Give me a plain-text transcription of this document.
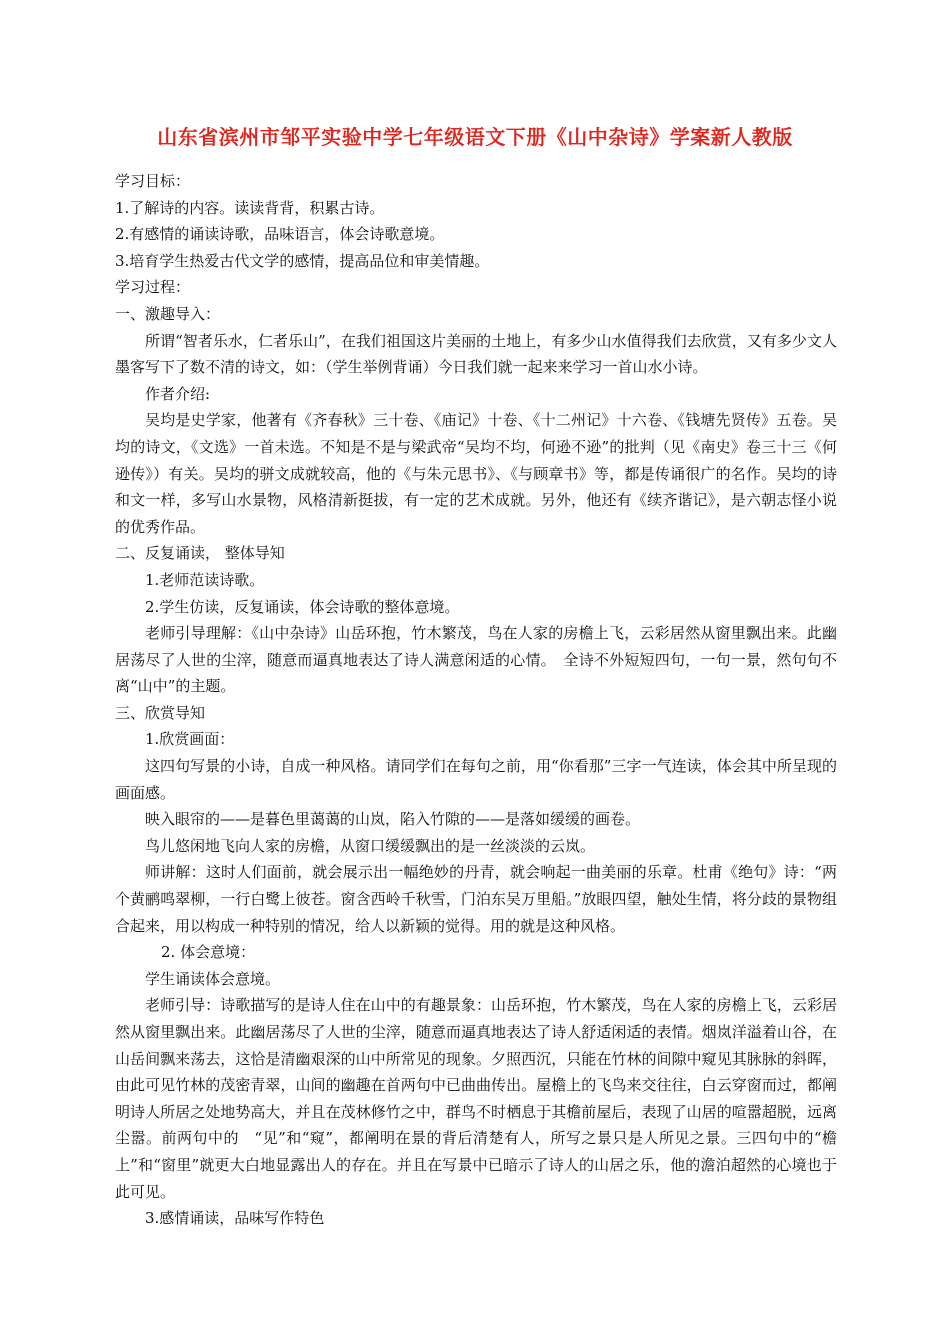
山东省滨州市邹平实验中学七年级语文下册《山中杂诗》学案新人教版

学习目标：

1.了解诗的内容。读读背背，积累古诗。

2.有感情的诵读诗歌，品味语言，体会诗歌意境。

3.培育学生热爱古代文学的感情，提高品位和审美情趣。

学习过程：

一、激趣导入：

所谓“智者乐水，仁者乐山”，在我们祖国这片美丽的土地上，有多少山水值得我们去欣赏，又有多少文人墨客写下了数不清的诗文，如：（学生举例背诵）今日我们就一起来来学习一首山水小诗。

作者介绍:

吴均是史学家，他著有《齐春秋》三十卷、《庙记》十卷、《十二州记》十六卷、《钱塘先贤传》五卷。吴均的诗文，《文选》一首未选。不知是不是与梁武帝“吴均不均，何逊不逊”的批判（见《南史》卷三十三《何逊传》）有关。吴均的骈文成就较高，他的《与朱元思书》、《与顾章书》等，都是传诵很广的名作。吴均的诗和文一样，多写山水景物，风格清新挺拔，有一定的艺术成就。另外，他还有《续齐谐记》，是六朝志怪小说的优秀作品。

二、反复诵读， 整体导知

1.老师范读诗歌。

2.学生仿读，反复诵读，体会诗歌的整体意境。

老师引导理解：《山中杂诗》山岳环抱，竹木繁茂，鸟在人家的房檐上飞，云彩居然从窗里飘出来。此幽居荡尽了人世的尘滓，随意而逼真地表达了诗人满意闲适的心情。　全诗不外短短四句，一句一景，然句句不离“山中”的主题。

三、欣赏导知

1.欣赏画面：

这四句写景的小诗，自成一种风格。请同学们在每句之前，用“你看那”三字一气连读，体会其中所呈现的画面感。

映入眼帘的——是暮色里蔼蔼的山岚，陷入竹隙的——是落如缓缓的画卷。

鸟儿悠闲地飞向人家的房檐，从窗口缓缓飘出的是一丝淡淡的云岚。

师讲解：这时人们面前，就会展示出一幅绝妙的丹青，就会响起一曲美丽的乐章。杜甫《绝句》诗：“两个黄鹂鸣翠柳，一行白鹭上彼苍。窗含西岭千秋雪，门泊东吴万里船。”放眼四望，触处生情，将分歧的景物组合起来，用以构成一种特别的情况，给人以新颖的觉得。用的就是这种风格。

2. 体会意境：

学生诵读体会意境。

老师引导：诗歌描写的是诗人住在山中的有趣景象：山岳环抱，竹木繁茂，鸟在人家的房檐上飞，云彩居然从窗里飘出来。此幽居荡尽了人世的尘滓，随意而逼真地表达了诗人舒适闲适的表情。烟岚洋溢着山谷，在山岳间飘来荡去，这恰是清幽艰深的山中所常见的现象。夕照西沉，只能在竹林的间隙中窥见其脉脉的斜晖，由此可见竹林的茂密青翠，山间的幽趣在首两句中已曲曲传出。屋檐上的飞鸟来交往往，白云穿窗而过，都阐明诗人所居之处地势高大，并且在茂林修竹之中，群鸟不时栖息于其檐前屋后，表现了山居的喧嚣超脱，远离尘嚣。前两句中的　“见”和“窥”，都阐明在景的背后清楚有人，所写之景只是人所见之景。三四句中的“檐上”和“窗里”就更大白地显露出人的存在。并且在写景中已暗示了诗人的山居之乐，他的澹泊超然的心境也于此可见。

3.感情诵读，品味写作特色
